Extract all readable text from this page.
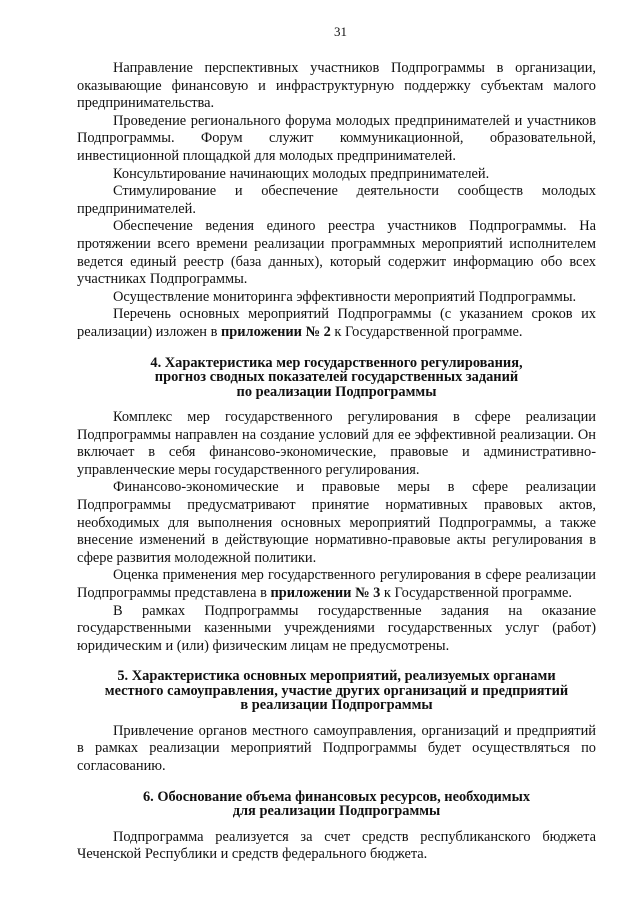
31

Направление перспективных участников Подпрограммы в организации, оказывающие финансовую и инфраструктурную поддержку субъектам малого предпринимательства.

Проведение регионального форума молодых предпринимателей и участников Подпрограммы. Форум служит коммуникационной, образовательной, инвестиционной площадкой для молодых предпринимателей.

Консультирование начинающих молодых предпринимателей.

Стимулирование и обеспечение деятельности сообществ молодых предпринимателей.

Обеспечение ведения единого реестра участников Подпрограммы. На протяжении всего времени реализации программных мероприятий исполнителем ведется единый реестр (база данных), который содержит информацию обо всех участниках Подпрограммы.

Осуществление мониторинга эффективности мероприятий Подпрограммы.

Перечень основных мероприятий Подпрограммы (с указанием сроков их реализации) изложен в приложении № 2 к Государственной программе.

4. Характеристика мер государственного регулирования,
прогноз сводных показателей государственных заданий
по реализации Подпрограммы

Комплекс мер государственного регулирования в сфере реализации Подпрограммы направлен на создание условий для ее эффективной реализации. Он включает в себя финансово-экономические, правовые и административно-управленческие меры государственного регулирования.

Финансово-экономические и правовые меры в сфере реализации Подпрограммы предусматривают принятие нормативных правовых актов, необходимых для выполнения основных мероприятий Подпрограммы, а также внесение изменений в действующие нормативно-правовые акты регулирования в сфере развития молодежной политики.

Оценка применения мер государственного регулирования в сфере реализации Подпрограммы представлена в приложении № 3 к Государственной программе.

В рамках Подпрограммы государственные задания на оказание государственными казенными учреждениями государственных услуг (работ) юридическим и (или) физическим лицам не предусмотрены.

5. Характеристика основных мероприятий, реализуемых органами
местного самоуправления, участие других организаций и предприятий
в реализации Подпрограммы

Привлечение органов местного самоуправления, организаций и предприятий в рамках реализации мероприятий Подпрограммы будет осуществляться по согласованию.

6. Обоснование объема финансовых ресурсов, необходимых
для реализации Подпрограммы

Подпрограмма реализуется за счет средств республиканского бюджета Чеченской Республики и средств федерального бюджета.
